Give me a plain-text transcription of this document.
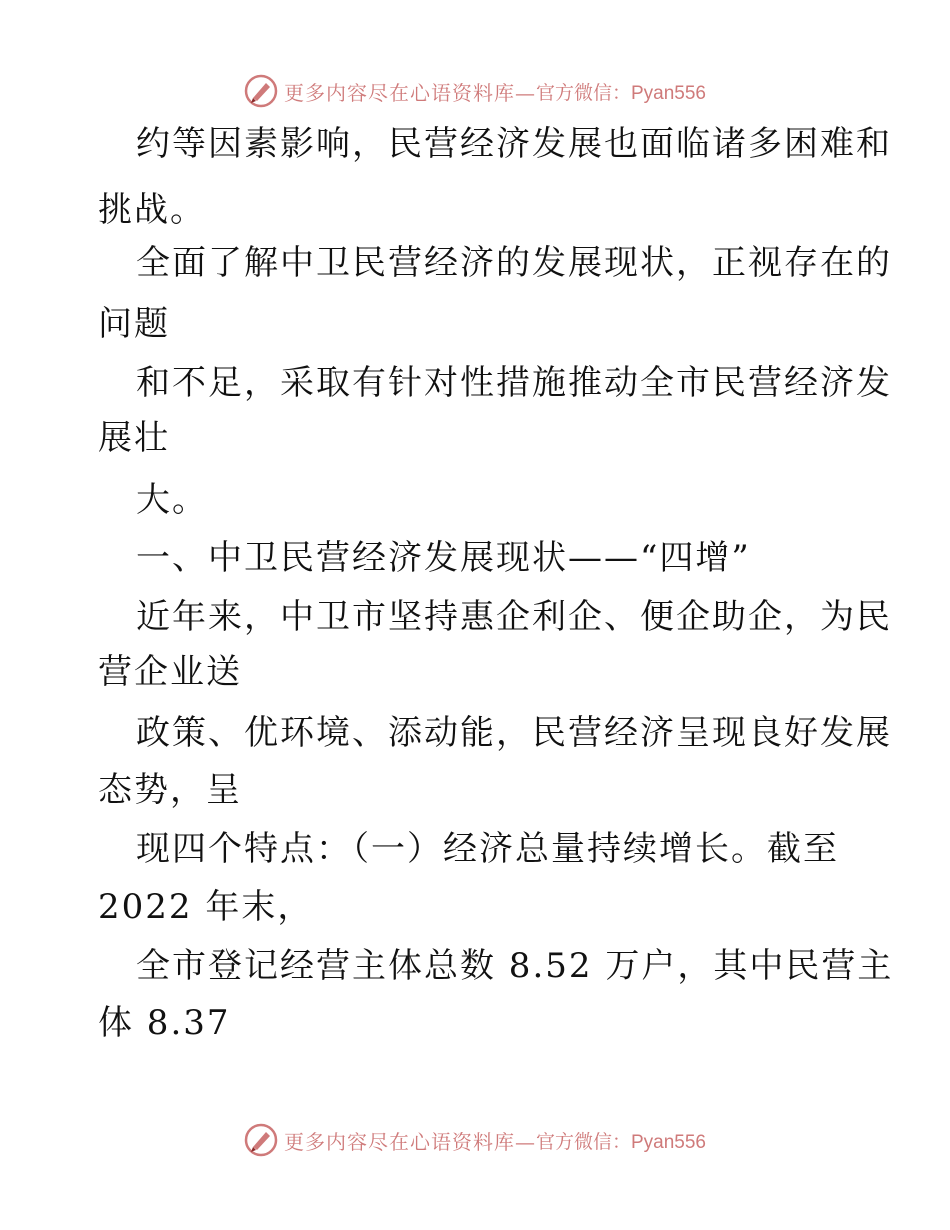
更多内容尽在心语资料库— 官方微信：Pyan556
约等因素影响，民营经济发展也面临诸多困难和
挑战。
全面了解中卫民营经济的发展现状，正视存在的
问题
和不足，采取有针对性措施推动全市民营经济发
展壮
大。
一、中卫民营经济发展现状——“四增”
近年来，中卫市坚持惠企利企、便企助企，为民
营企业送
政策、优环境、添动能，民营经济呈现良好发展
态势，呈
现四个特点：（一）经济总量持续增长。截至
2022 年末，
全市登记经营主体总数 8.52 万户，其中民营主
体 8.37
更多内容尽在心语资料库— 官方微信：Pyan556
